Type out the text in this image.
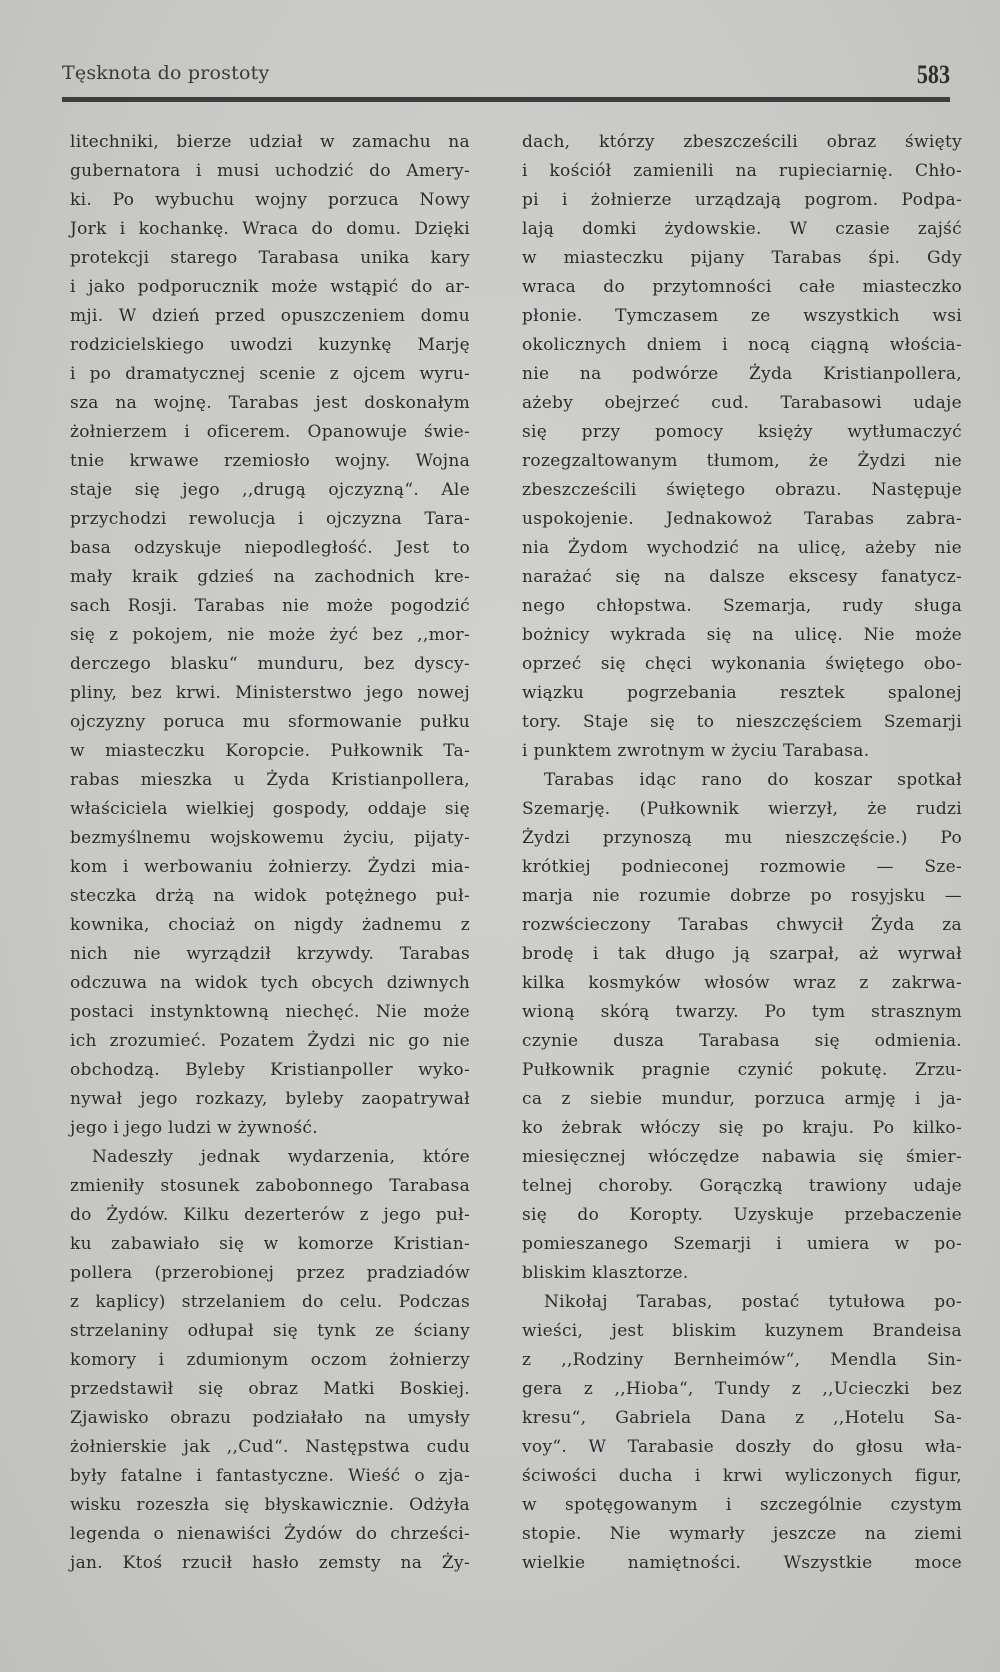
Tęsknota do prostoty	583
litechniki, bierze udział w zamachu na
gubernatora i musi uchodzić do Amery-
ki. Po wybuchu wojny porzuca Nowy
Jork i kochankę. Wraca do domu. Dzięki
protekcji starego Tarabasa unika kary
i jako podporucznik może wstąpić do ar-
mji. W dzień przed opuszczeniem domu
rodzicielskiego uwodzi kuzynkę Marję
i po dramatycznej scenie z ojcem wyru-
sza na wojnę. Tarabas jest doskonałym
żołnierzem i oficerem. Opanowuje świe-
tnie krwawe rzemiosło wojny. Wojna
staje się jego ,,drugą ojczyzną“. Ale
przychodzi rewolucja i ojczyzna Tara-
basa odzyskuje niepodległość. Jest to
mały kraik gdzieś na zachodnich kre-
sach Rosji. Tarabas nie może pogodzić
się z pokojem, nie może żyć bez ,,mor-
derczego blasku“ munduru, bez dyscy-
pliny, bez krwi. Ministerstwo jego nowej
ojczyzny poruca mu sformowanie pułku
w miasteczku Koropcie. Pułkownik Ta-
rabas mieszka u Żyda Kristianpollera,
właściciela wielkiej gospody, oddaje się
bezmyślnemu wojskowemu życiu, pijaty-
kom i werbowaniu żołnierzy. Żydzi mia-
steczka drżą na widok potężnego puł-
kownika, chociaż on nigdy żadnemu z
nich nie wyrządził krzywdy. Tarabas
odczuwa na widok tych obcych dziwnych
postaci instynktowną niechęć. Nie może
ich zrozumieć. Pozatem Żydzi nic go nie
obchodzą. Byleby Kristianpoller wyko-
nywał jego rozkazy, byleby zaopatrywał
jego i jego ludzi w żywność.
Nadeszły jednak wydarzenia, które
zmieniły stosunek zabobonnego Tarabasa
do Żydów. Kilku dezerterów z jego puł-
ku zabawiało się w komorze Kristian-
pollera (przerobionej przez pradziadów
z kaplicy) strzelaniem do celu. Podczas
strzelaniny odłupał się tynk ze ściany
komory i zdumionym oczom żołnierzy
przedstawił się obraz Matki Boskiej.
Zjawisko obrazu podziałało na umysły
żołnierskie jak ,,Cud“. Następstwa cudu
były fatalne i fantastyczne. Wieść o zja-
wisku rozeszła się błyskawicznie. Odżyła
legenda o nienawiści Żydów do chrześci-
jan. Ktoś rzucił hasło zemsty na Ży-
dach, którzy zbeszcześcili obraz święty
i kościół zamienili na rupieciarnię. Chło-
pi i żołnierze urządzają pogrom. Podpa-
lają domki żydowskie. W czasie zajść
w miasteczku pijany Tarabas śpi. Gdy
wraca do przytomności całe miasteczko
płonie. Tymczasem ze wszystkich wsi
okolicznych dniem i nocą ciągną włościa-
nie na podwórze Żyda Kristianpollera,
ażeby obejrzeć cud. Tarabasowi udaje
się przy pomocy księży wytłumaczyć
rozegzaltowanym tłumom, że Żydzi nie
zbeszcześcili świętego obrazu. Następuje
uspokojenie. Jednakowoż Tarabas zabra-
nia Żydom wychodzić na ulicę, ażeby nie
narażać się na dalsze ekscesy fanatycz-
nego chłopstwa. Szemarja, rudy sługa
bożnicy wykrada się na ulicę. Nie może
oprzeć się chęci wykonania świętego obo-
wiązku pogrzebania resztek spalonej
tory. Staje się to nieszczęściem Szemarji
i punktem zwrotnym w życiu Tarabasa.
Tarabas idąc rano do koszar spotkał
Szemarję. (Pułkownik wierzył, że rudzi
Żydzi przynoszą mu nieszczęście.) Po
krótkiej podnieconej rozmowie — Sze-
marja nie rozumie dobrze po rosyjsku —
rozwścieczony Tarabas chwycił Żyda za
brodę i tak długo ją szarpał, aż wyrwał
kilka kosmyków włosów wraz z zakrwa-
wioną skórą twarzy. Po tym strasznym
czynie dusza Tarabasa się odmienia.
Pułkownik pragnie czynić pokutę. Zrzu-
ca z siebie mundur, porzuca armję i ja-
ko żebrak włóczy się po kraju. Po kilko-
miesięcznej włóczędze nabawia się śmier-
telnej choroby. Gorączką trawiony udaje
się do Koropty. Uzyskuje przebaczenie
pomieszanego Szemarji i umiera w po-
bliskim klasztorze.
Nikołaj Tarabas, postać tytułowa po-
wieści, jest bliskim kuzynem Brandeisa
z ,,Rodziny Bernheimów“, Mendla Sin-
gera z ,,Hioba“, Tundy z ,,Ucieczki bez
kresu“, Gabriela Dana z ,,Hotelu Sa-
voy“. W Tarabasie doszły do głosu wła-
ściwości ducha i krwi wyliczonych figur,
w spotęgowanym i szczególnie czystym
stopie. Nie wymarły jeszcze na ziemi
wielkie namiętności. Wszystkie moce
